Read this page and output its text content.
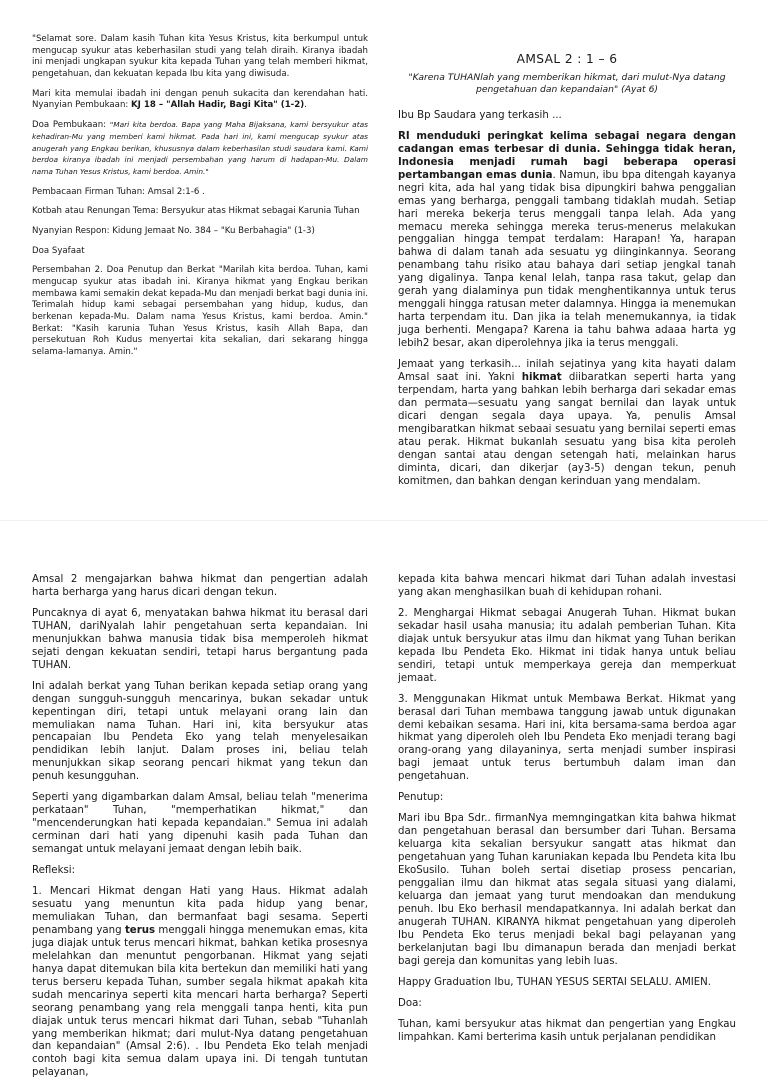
"Selamat sore. Dalam kasih Tuhan kita Yesus Kristus, kita berkumpul untuk mengucap syukur atas keberhasilan studi yang telah diraih. Kiranya ibadah ini menjadi ungkapan syukur kita kepada Tuhan yang telah memberi hikmat, pengetahuan, dan kekuatan kepada Ibu kita yang diwisuda.

Mari kita memulai ibadah ini dengan penuh sukacita dan kerendahan hati. Nyanyian Pembukaan: KJ 18 – "Allah Hadir, Bagi Kita" (1-2).

Doa Pembukaan: "Mari kita berdoa. Bapa yang Maha Bijaksana, kami bersyukur atas kehadiran-Mu yang memberi kami hikmat. Pada hari ini, kami mengucap syukur atas anugerah yang Engkau berikan, khususnya dalam keberhasilan studi saudara kami. Kami berdoa kiranya ibadah ini menjadi persembahan yang harum di hadapan-Mu. Dalam nama Tuhan Yesus Kristus, kami berdoa. Amin."

Pembacaan Firman Tuhan: Amsal 2:1-6 .

Kotbah atau Renungan Tema: Bersyukur atas Hikmat sebagai Karunia Tuhan

Nyanyian Respon: Kidung Jemaat No. 384 – "Ku Berbahagia" (1-3)

Doa Syafaat

Persembahan 2. Doa Penutup dan Berkat "Marilah kita berdoa. Tuhan, kami mengucap syukur atas ibadah ini. Kiranya hikmat yang Engkau berikan membawa kami semakin dekat kepada-Mu dan menjadi berkat bagi dunia ini. Terimalah hidup kami sebagai persembahan yang hidup, kudus, dan berkenan kepada-Mu. Dalam nama Yesus Kristus, kami berdoa. Amin." Berkat: "Kasih karunia Tuhan Yesus Kristus, kasih Allah Bapa, dan persekutuan Roh Kudus menyertai kita sekalian, dari sekarang hingga selama-lamanya. Amin."

AMSAL 2 : 1 – 6
"Karena TUHANlah yang memberikan hikmat, dari mulut-Nya datang pengetahuan dan kepandaian" (Ayat 6)

Ibu Bp Saudara yang terkasih ...

RI menduduki peringkat kelima sebagai negara dengan cadangan emas terbesar di dunia. Sehingga tidak heran, Indonesia menjadi rumah bagi beberapa operasi pertambangan emas dunia. Namun, ibu bpa ditengah kayanya negri kita, ada hal yang tidak bisa dipungkiri bahwa penggalian emas yang berharga, penggali tambang tidaklah mudah. Setiap hari mereka bekerja terus menggali tanpa lelah. Ada yang memacu mereka sehingga mereka terus-menerus melakukan penggalian hingga tempat terdalam: Harapan! Ya, harapan bahwa di dalam tanah ada sesuatu yg diinginkannya. Seorang penambang tahu risiko atau bahaya dari setiap jengkal tanah yang digalinya. Tanpa kenal lelah, tanpa rasa takut, gelap dan gerah yang dialaminya pun tidak menghentikannya untuk terus menggali hingga ratusan meter dalamnya. Hingga ia menemukan harta terpendam itu. Dan jika ia telah menemukannya, ia tidak juga berhenti. Mengapa? Karena ia tahu bahwa adaaa harta yg lebih2 besar, akan diperolehnya jika ia terus menggali.

Jemaat yang terkasih... inilah sejatinya yang kita hayati dalam Amsal saat ini. Yakni hikmat diibaratkan seperti harta yang terpendam, harta yang bahkan lebih berharga dari sekadar emas dan permata—sesuatu yang sangat bernilai dan layak untuk dicari dengan segala daya upaya. Ya, penulis Amsal mengibaratkan hikmat sebaai sesuatu yang bernilai seperti emas atau perak. Hikmat bukanlah sesuatu yang bisa kita peroleh dengan santai atau dengan setengah hati, melainkan harus diminta, dicari, dan dikerjar (ay3-5) dengan tekun, penuh komitmen, dan bahkan dengan kerinduan yang mendalam.

Amsal 2 mengajarkan bahwa hikmat dan pengertian adalah harta berharga yang harus dicari dengan tekun.

Puncaknya di ayat 6, menyatakan bahwa hikmat itu berasal dari TUHAN, dariNyalah lahir pengetahuan serta kepandaian. Ini menunjukkan bahwa manusia tidak bisa memperoleh hikmat sejati dengan kekuatan sendiri, tetapi harus bergantung pada TUHAN.

Ini adalah berkat yang Tuhan berikan kepada setiap orang yang dengan sungguh-sungguh mencarinya, bukan sekadar untuk kepentingan diri, tetapi untuk melayani orang lain dan memuliakan nama Tuhan. Hari ini, kita bersyukur atas pencapaian Ibu Pendeta Eko yang telah menyelesaikan pendidikan lebih lanjut. Dalam proses ini, beliau telah menunjukkan sikap seorang pencari hikmat yang tekun dan penuh kesungguhan.

Seperti yang digambarkan dalam Amsal, beliau telah "menerima perkataan" Tuhan, "memperhatikan hikmat," dan "mencenderungkan hati kepada kepandaian." Semua ini adalah cerminan dari hati yang dipenuhi kasih pada Tuhan dan semangat untuk melayani jemaat dengan lebih baik.

Refleksi:

1. Mencari Hikmat dengan Hati yang Haus. Hikmat adalah sesuatu yang menuntun kita pada hidup yang benar, memuliakan Tuhan, dan bermanfaat bagi sesama. Seperti penambang yang terus menggali hingga menemukan emas, kita juga diajak untuk terus mencari hikmat, bahkan ketika prosesnya melelahkan dan menuntut pengorbanan. Hikmat yang sejati hanya dapat ditemukan bila kita bertekun dan memiliki hati yang terus berseru kepada Tuhan, sumber segala hikmat apakah kita sudah mencarinya seperti kita mencari harta berharga? Seperti seorang penambang yang rela menggali tanpa henti, kita pun diajak untuk terus mencari hikmat dari Tuhan, sebab "Tuhanlah yang memberikan hikmat; dari mulut-Nya datang pengetahuan dan kepandaian" (Amsal 2:6). . Ibu Pendeta Eko telah menjadi contoh bagi kita semua dalam upaya ini. Di tengah tuntutan pelayanan,

kepada kita bahwa mencari hikmat dari Tuhan adalah investasi yang akan menghasilkan buah di kehidupan rohani.

2. Menghargai Hikmat sebagai Anugerah Tuhan. Hikmat bukan sekadar hasil usaha manusia; itu adalah pemberian Tuhan. Kita diajak untuk bersyukur atas ilmu dan hikmat yang Tuhan berikan kepada Ibu Pendeta Eko. Hikmat ini tidak hanya untuk beliau sendiri, tetapi untuk memperkaya gereja dan memperkuat jemaat.

3. Menggunakan Hikmat untuk Membawa Berkat. Hikmat yang berasal dari Tuhan membawa tanggung jawab untuk digunakan demi kebaikan sesama. Hari ini, kita bersama-sama berdoa agar hikmat yang diperoleh oleh Ibu Pendeta Eko menjadi terang bagi orang-orang yang dilayaninya, serta menjadi sumber inspirasi bagi jemaat untuk terus bertumbuh dalam iman dan pengetahuan.

Penutup:

Mari ibu Bpa Sdr.. firmanNya memngingatkan kita bahwa hikmat dan pengetahuan berasal dan bersumber dari Tuhan. Bersama keluarga kita sekalian bersyukur sangatt atas hikmat dan pengetahuan yang Tuhan karuniakan kepada Ibu Pendeta kita Ibu EkoSusilo. Tuhan boleh sertai disetiap prosess pencarian, penggalian ilmu dan hikmat atas segala situasi yang dialami, keluarga dan jemaat yang turut mendoakan dan mendukung penuh. Ibu Eko berhasil mendapatkannya. Ini adalah berkat dan anugerah TUHAN. KIRANYA hikmat pengetahuan yang diperoleh Ibu Pendeta Eko terus menjadi bekal bagi pelayanan yang berkelanjutan bagi Ibu dimanapun berada dan menjadi berkat bagi gereja dan komunitas yang lebih luas.

Happy Graduation Ibu, TUHAN YESUS SERTAI SELALU. AMIEN.

Doa:

Tuhan, kami bersyukur atas hikmat dan pengertian yang Engkau limpahkan. Kami berterima kasih untuk perjalanan pendidikan
